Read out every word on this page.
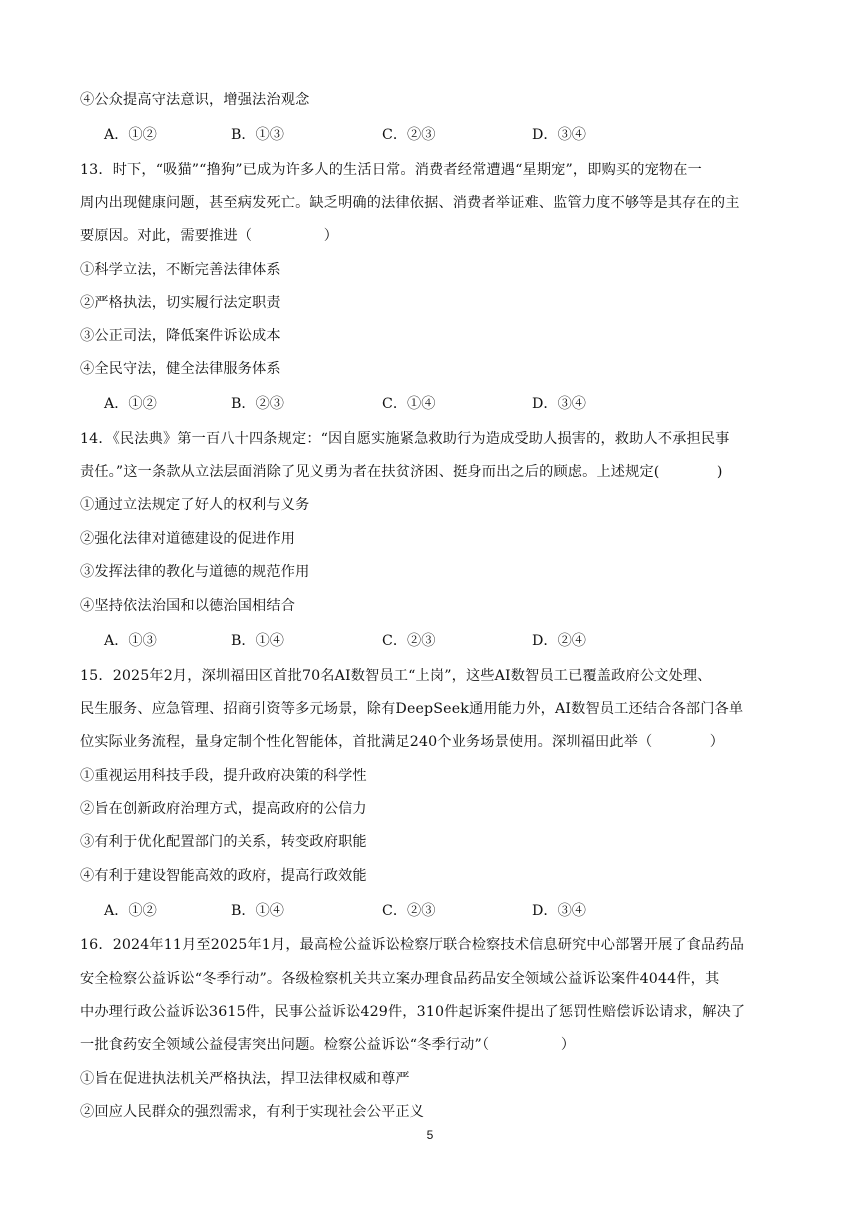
④公众提高守法意识，增强法治观念
A．①②	B．①③	C．②③	D．③④
13．时下，“吸猫”“撸狗”已成为许多人的生活日常。消费者经常遭遇“星期宠”，即购买的宠物在一
周内出现健康问题，甚至病发死亡。缺乏明确的法律依据、消费者举证难、监管力度不够等是其存在的主
要原因。对此，需要推进（　　　　　）
①科学立法，不断完善法律体系
②严格执法，切实履行法定职责
③公正司法，降低案件诉讼成本
④全民守法，健全法律服务体系
A．①②	B．②③	C．①④	D．③④
14．《民法典》第一百八十四条规定：“因自愿实施紧急救助行为造成受助人损害的，救助人不承担民事
责任。”这一条款从立法层面消除了见义勇为者在扶贫济困、挺身而出之后的顾虑。上述规定(　　　　)
①通过立法规定了好人的权利与义务
②强化法律对道德建设的促进作用
③发挥法律的教化与道德的规范作用
④坚持依法治国和以德治国相结合
A．①③	B．①④	C．②③	D．②④
15．2025年2月，深圳福田区首批70名AI数智员工“上岗”，这些AI数智员工已覆盖政府公文处理、
民生服务、应急管理、招商引资等多元场景，除有DeepSeek通用能力外，AI数智员工还结合各部门各单
位实际业务流程，量身定制个性化智能体，首批满足240个业务场景使用。深圳福田此举（　　　　）
①重视运用科技手段，提升政府决策的科学性
②旨在创新政府治理方式，提高政府的公信力
③有利于优化配置部门的关系，转变政府职能
④有利于建设智能高效的政府，提高行政效能
A．①②	B．①④	C．②③	D．③④
16．2024年11月至2025年1月，最高检公益诉讼检察厅联合检察技术信息研究中心部署开展了食品药品
安全检察公益诉讼“冬季行动”。各级检察机关共立案办理食品药品安全领域公益诉讼案件4044件，其
中办理行政公益诉讼3615件，民事公益诉讼429件，310件起诉案件提出了惩罚性赔偿诉讼请求，解决了
一批食药安全领域公益侵害突出问题。检察公益诉讼“冬季行动”（　　　　　）
①旨在促进执法机关严格执法，捍卫法律权威和尊严
②回应人民群众的强烈需求，有利于实现社会公平正义
5
